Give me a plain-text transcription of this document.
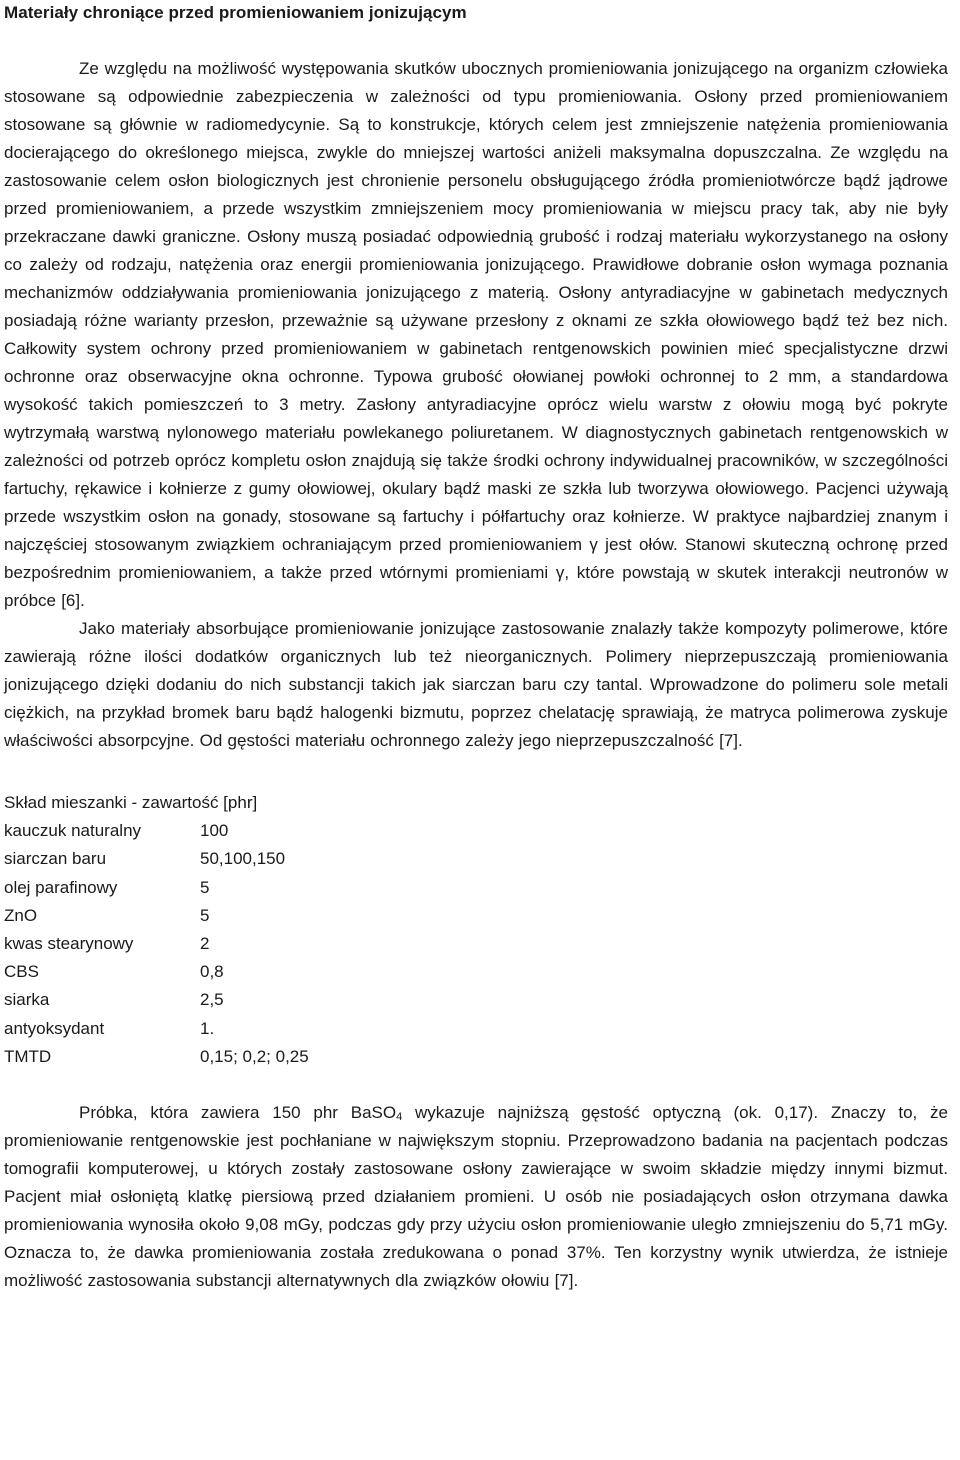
Materiały chroniące przed promieniowaniem jonizującym

Ze względu na możliwość występowania skutków ubocznych promieniowania jonizującego na organizm człowieka stosowane są odpowiednie zabezpieczenia w zależności od typu promieniowania. Osłony przed promieniowaniem stosowane są głównie w radiomedycynie. Są to konstrukcje, których celem jest zmniejszenie natężenia promieniowania docierającego do określonego miejsca, zwykle do mniejszej wartości aniżeli maksymalna dopuszczalna. Ze względu na zastosowanie celem osłon biologicznych jest chronienie personelu obsługującego źródła promieniotwórcze bądź jądrowe przed promieniowaniem, a przede wszystkim zmniejszeniem mocy promieniowania w miejscu pracy tak, aby nie były przekraczane dawki graniczne. Osłony muszą posiadać odpowiednią grubość i rodzaj materiału wykorzystanego na osłony co zależy od rodzaju, natężenia oraz energii promieniowania jonizującego. Prawidłowe dobranie osłon wymaga poznania mechanizmów oddziaływania promieniowania jonizującego z materią. Osłony antyradiacyjne w gabinetach medycznych posiadają różne warianty przesłon, przeważnie są używane przesłony z oknami ze szkła ołowiowego bądź też bez nich. Całkowity system ochrony przed promieniowaniem w gabinetach rentgenowskich powinien mieć specjalistyczne drzwi ochronne oraz obserwacyjne okna ochronne. Typowa grubość ołowianej powłoki ochronnej to 2 mm, a standardowa wysokość takich pomieszczeń to 3 metry. Zasłony antyradiacyjne oprócz wielu warstw z ołowiu mogą być pokryte wytrzymałą warstwą nylonowego materiału powlekanego poliuretanem. W diagnostycznych gabinetach rentgenowskich w zależności od potrzeb oprócz kompletu osłon znajdują się także środki ochrony indywidualnej pracowników, w szczególności fartuchy, rękawice i kołnierze z gumy ołowiowej, okulary bądź maski ze szkła lub tworzywa ołowiowego. Pacjenci używają przede wszystkim osłon na gonady, stosowane są fartuchy i półfartuchy oraz kołnierze. W praktyce najbardziej znanym i najczęściej stosowanym związkiem ochraniającym przed promieniowaniem γ jest ołów. Stanowi skuteczną ochronę przed bezpośrednim promieniowaniem, a także przed wtórnymi promieniami γ, które powstają w skutek interakcji neutronów w próbce [6].

Jako materiały absorbujące promieniowanie jonizujące zastosowanie znalazły także kompozyty polimerowe, które zawierają różne ilości dodatków organicznych lub też nieorganicznych. Polimery nieprzepuszczają promieniowania jonizującego dzięki dodaniu do nich substancji takich jak siarczan baru czy tantal. Wprowadzone do polimeru sole metali ciężkich, na przykład bromek baru bądź halogenki bizmutu, poprzez chelatację sprawiają, że matryca polimerowa zyskuje właściwości absorpcyjne. Od gęstości materiału ochronnego zależy jego nieprzepuszczalność [7].

Skład mieszanki - zawartość [phr]
kauczuk naturalny	100
siarczan baru	50,100,150
olej parafinowy	5
ZnO	5
kwas stearynowy	2
CBS	0,8
siarka	2,5
antyoksydant	1.
TMTD	0,15; 0,2; 0,25

Próbka, która zawiera 150 phr BaSO$_4$ wykazuje najniższą gęstość optyczną (ok. 0,17). Znaczy to, że promieniowanie rentgenowskie jest pochłaniane w największym stopniu. Przeprowadzono badania na pacjentach podczas tomografii komputerowej, u których zostały zastosowane osłony zawierające w swoim składzie między innymi bizmut. Pacjent miał osłoniętą klatkę piersiową przed działaniem promieni. U osób nie posiadających osłon otrzymana dawka promieniowania wynosiła około 9,08 mGy, podczas gdy przy użyciu osłon promieniowanie uległo zmniejszeniu do 5,71 mGy. Oznacza to, że dawka promieniowania została zredukowana o ponad 37%. Ten korzystny wynik utwierdza, że istnieje możliwość zastosowania substancji alternatywnych dla związków ołowiu [7].
